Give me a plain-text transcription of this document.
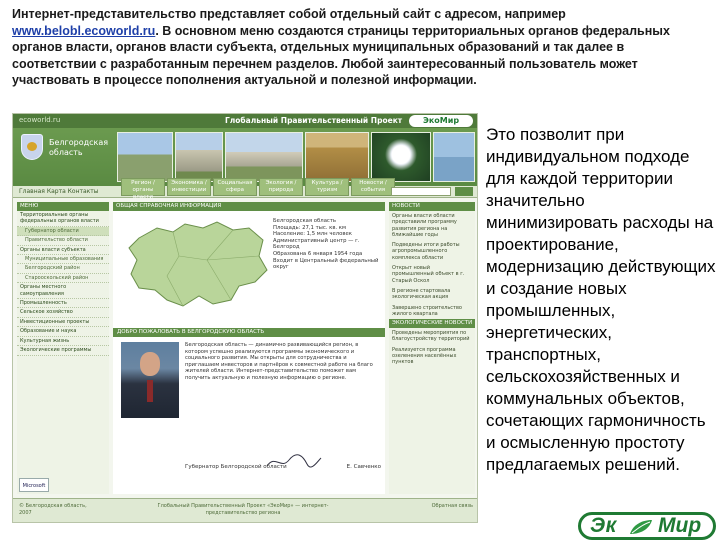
Интернет-представительство представляет собой отдельный сайт с адресом, например
www.belobl.ecoworld.ru. В основном меню создаются страницы территориальных органов федеральных органов власти, органов власти субъекта, отдельных муниципальных образований и так далее в соответствии с разработанным перечнем разделов. Любой заинтересованный пользователь может участвовать в процессе пополнения актуальной и полезной информации.
ecoworld.ru	Глобальный Правительственный Проект	ЭкоМир
Белгородская область
Главная Карта Контакты
Регион / органы власти
Экономика / инвестиции
Социальная сфера
Экология / природа
Культура / туризм
Новости / события
МЕНЮ
Территориальные органы федеральных органов власти
Губернатор области
Правительство области
Органы власти субъекта
Муниципальные образования
Белгородский район
Старооскольский район
Органы местного самоуправления
Промышленность
Сельское хозяйство
Инвестиционные проекты
Образование и наука
Культурная жизнь
Экологические программы
ОБЩАЯ СПРАВОЧНАЯ ИНФОРМАЦИЯ
Белгородская область
Площадь: 27,1 тыс. кв. км
Население: 1,5 млн человек
Административный центр — г. Белгород
Образована 6 января 1954 года
Входит в Центральный федеральный округ
ДОБРО ПОЖАЛОВАТЬ В БЕЛГОРОДСКУЮ ОБЛАСТЬ
Белгородская область — динамично развивающийся регион, в котором успешно реализуются программы экономического и социального развития. Мы открыты для сотрудничества и приглашаем инвесторов и партнёров к совместной работе на благо жителей области. Интернет-представительство поможет вам получить актуальную и полезную информацию о регионе.
Губернатор Белгородской области	Е. Савченко
НОВОСТИ
Органы власти области представили программу развития региона на ближайшие годы
Подведены итоги работы агропромышленного комплекса области
Открыт новый промышленный объект в г. Старый Оскол
В регионе стартовала экологическая акция
Завершено строительство жилого квартала
ЭКОЛОГИЧЕСКИЕ НОВОСТИ
Проведены мероприятия по благоустройству территорий
Реализуется программа озеленения населённых пунктов
Microsoft
© Белгородская область, 2007
Глобальный Правительственный Проект «ЭкоМир» — интернет-представительство региона
Обратная связь
Это позволит при индивидуальном подходе для каждой территории значительно минимизировать расходы на проектирование, модернизацию действующих и создание новых промышленных, энергетических, транспортных, сельскохозяйственных и коммунальных объектов, сочетающих гармоничность и осмысленную простоту предлагаемых решений.
Эк Мир
